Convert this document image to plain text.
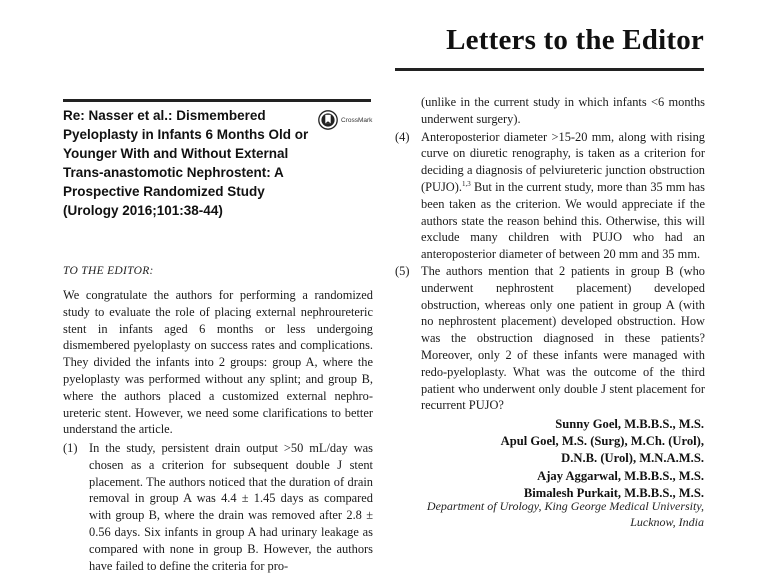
Letters to the Editor
Re: Nasser et al.: Dismembered Pyeloplasty in Infants 6 Months Old or Younger With and Without External Trans-anastomotic Nephrostent: A Prospective Randomized Study (Urology 2016;101:38-44)
CrossMark
TO THE EDITOR:
We congratulate the authors for performing a randomized study to evaluate the role of placing external nephroureteric stent in infants aged 6 months or less undergoing dismembered pyeloplasty on success rates and complications. They divided the infants into 2 groups: group A, where the pyeloplasty was performed without any splint; and group B, where the authors placed a customized external nephro-ureteric stent. However, we need some clarifications to better understand the article.
(1) In the study, persistent drain output >50 mL/day was chosen as a criterion for subsequent double J stent placement. The authors noticed that the duration of drain removal in group A was 4.4 ± 1.45 days as compared with group B, where the drain was removed after 2.8 ± 0.56 days. Six infants in group A had urinary leakage as compared with none in group B. However, the authors have failed to define the criteria for pro-
(unlike in the current study in which infants <6 months underwent surgery).
(4) Anteroposterior diameter >15-20 mm, along with rising curve on diuretic renography, is taken as a criterion for deciding a diagnosis of pelviureteric junction obstruction (PUJO).$^{1,3}$ But in the current study, more than 35 mm has been taken as the criterion. We would appreciate if the authors state the reason behind this. Otherwise, this will exclude many children with PUJO who had an anteroposterior diameter of between 20 mm and 35 mm.
(5) The authors mention that 2 patients in group B (who underwent nephrostent placement) developed obstruction, whereas only one patient in group A (with no nephrostent placement) developed obstruction. How was the obstruction diagnosed in these patients? Moreover, only 2 of these infants were managed with redo-pyeloplasty. What was the outcome of the third patient who underwent only double J stent placement for recurrent PUJO?
Sunny Goel, M.B.B.S., M.S.
Apul Goel, M.S. (Surg), M.Ch. (Urol),
D.N.B. (Urol), M.N.A.M.S.
Ajay Aggarwal, M.B.B.S., M.S.
Bimalesh Purkait, M.B.B.S., M.S.
Department of Urology, King George Medical University, Lucknow, India
